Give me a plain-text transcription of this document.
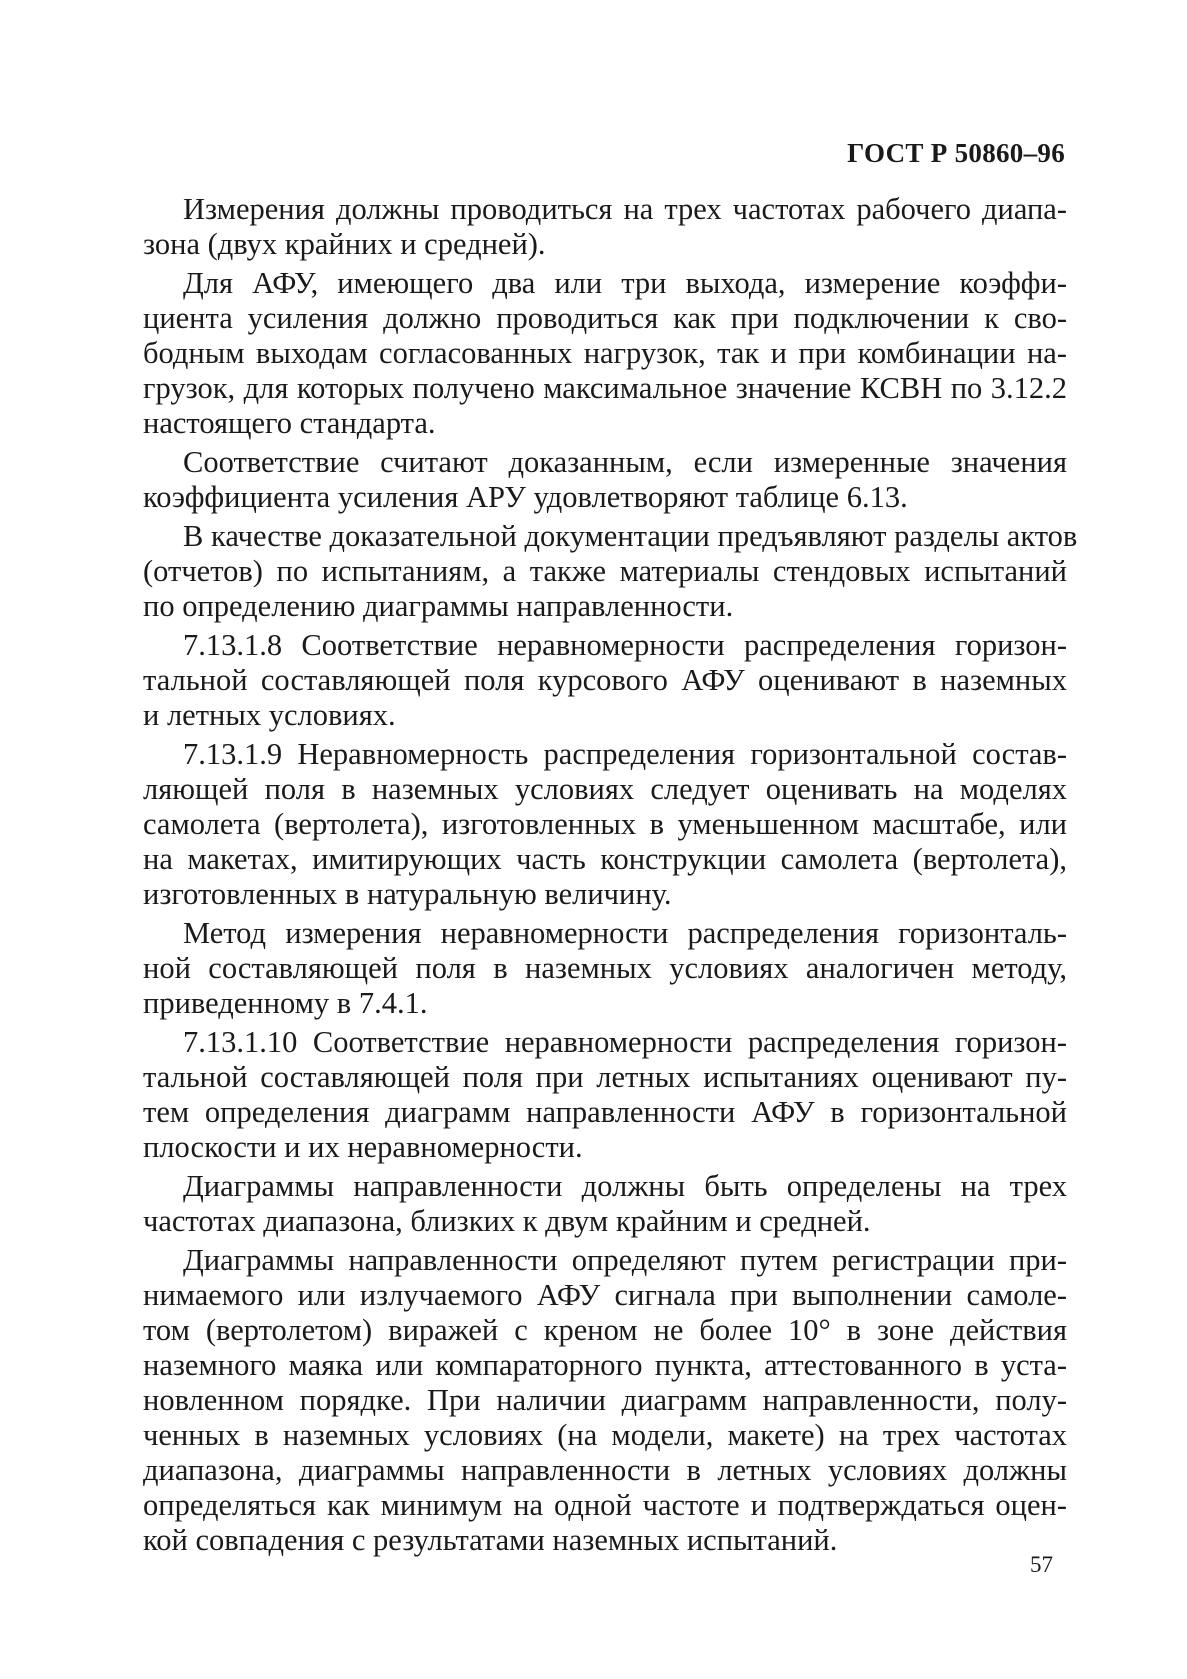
ГОСТ Р 50860–96
Измерения должны проводиться на трех частотах рабочего диапа-
зона (двух крайних и средней).
Для АФУ, имеющего два или три выхода, измерение коэффи-
циента усиления должно проводиться как при подключении к сво-
бодным выходам согласованных нагрузок, так и при комбинации на-
грузок, для которых получено максимальное значение КСВН по 3.12.2
настоящего стандарта.
Соответствие считают доказанным, если измеренные значения
коэффициента усиления АРУ удовлетворяют таблице 6.13.
В качестве доказательной документации предъявляют разделы актов
(отчетов) по испытаниям, а также материалы стендовых испытаний
по определению диаграммы направленности.
7.13.1.8 Соответствие неравномерности распределения горизон-
тальной составляющей поля курсового АФУ оценивают в наземных
и летных условиях.
7.13.1.9 Неравномерность распределения горизонтальной состав-
ляющей поля в наземных условиях следует оценивать на моделях
самолета (вертолета), изготовленных в уменьшенном масштабе, или
на макетах, имитирующих часть конструкции самолета (вертолета),
изготовленных в натуральную величину.
Метод измерения неравномерности распределения горизонталь-
ной составляющей поля в наземных условиях аналогичен методу,
приведенному в 7.4.1.
7.13.1.10 Соответствие неравномерности распределения горизон-
тальной составляющей поля при летных испытаниях оценивают пу-
тем определения диаграмм направленности АФУ в горизонтальной
плоскости и их неравномерности.
Диаграммы направленности должны быть определены на трех
частотах диапазона, близких к двум крайним и средней.
Диаграммы направленности определяют путем регистрации при-
нимаемого или излучаемого АФУ сигнала при выполнении самоле-
том (вертолетом) виражей с креном не более 10° в зоне действия
наземного маяка или компараторного пункта, аттестованного в уста-
новленном порядке. При наличии диаграмм направленности, полу-
ченных в наземных условиях (на модели, макете) на трех частотах
диапазона, диаграммы направленности в летных условиях должны
определяться как минимум на одной частоте и подтверждаться оцен-
кой совпадения с результатами наземных испытаний.
57
